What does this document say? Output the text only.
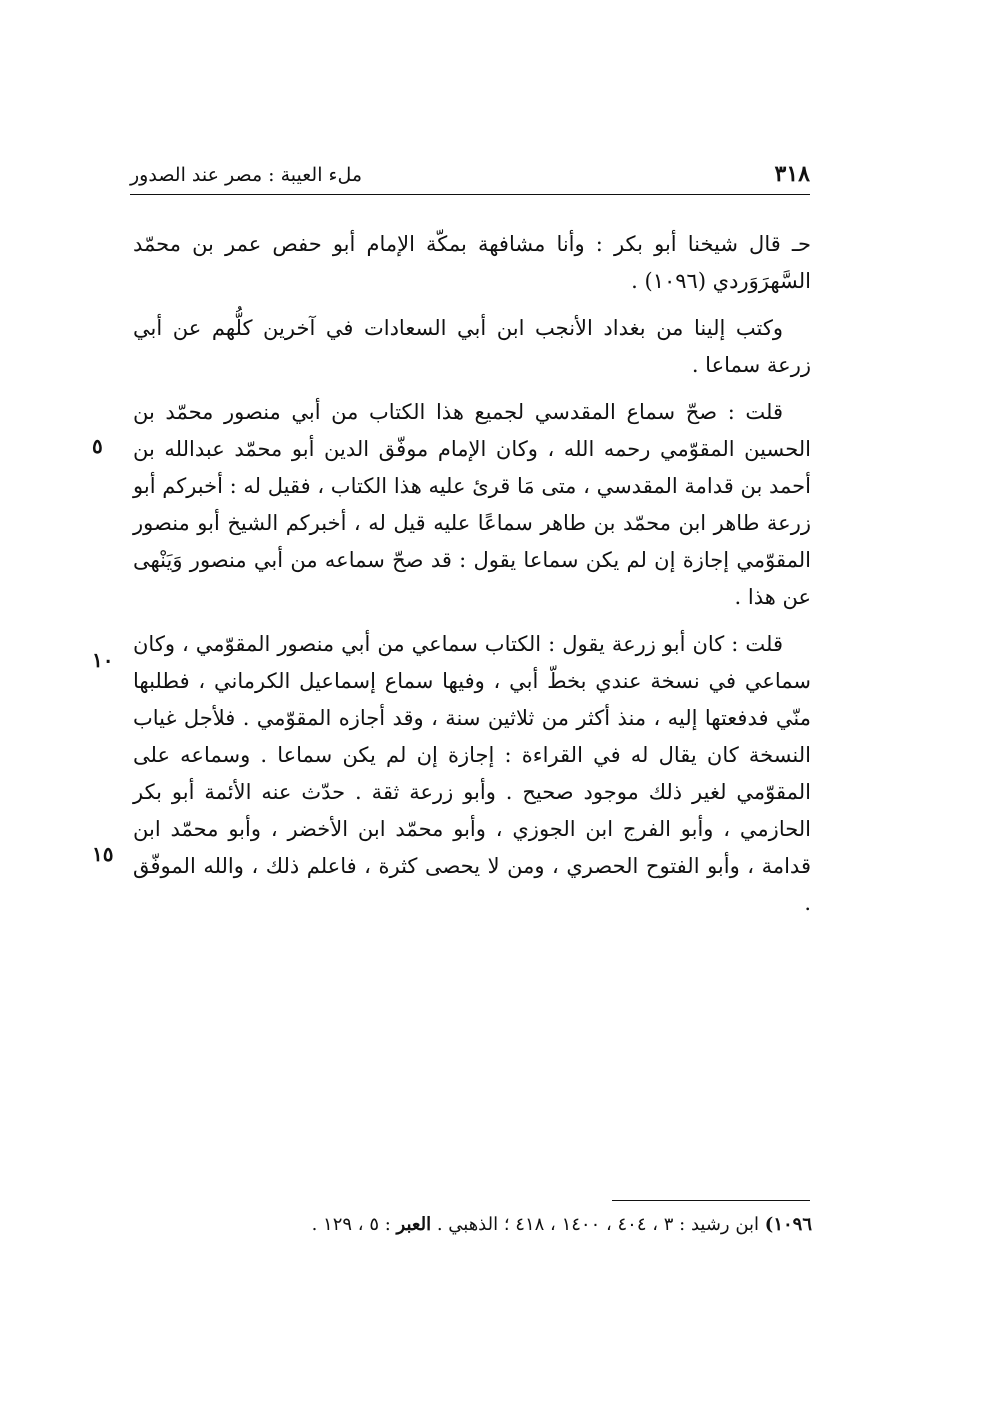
٣١٨
ملء العيبة : مصر عند الصدور

حـ قال شيخنا أبو بكر : وأنا مشافهة بمكّة الإمام أبو حفص عمر بن محمّد السَّهرَوَردي (١٠٩٦) .

وكتب إلينا من بغداد الأنجب ابن أبي السعادات في آخرين كلُّهم عن أبي زرعة سماعا .

قلت : صحّ سماع المقدسي لجميع هذا الكتاب من أبي منصور محمّد بن الحسين المقوّمي رحمه الله ، وكان الإمام موفّق الدين أبو محمّد عبدالله بن أحمد بن قدامة المقدسي ، متى مَا قرئ عليه هذا الكتاب ، فقيل له : أخبركم أبو زرعة طاهر ابن محمّد بن طاهر سماعًا عليه قيل له ، أخبركم الشيخ أبو منصور المقوّمي إجازة إن لم يكن سماعا يقول : قد صحّ سماعه من أبي منصور وَيَنْهى عن هذا .

قلت : كان أبو زرعة يقول : الكتاب سماعي من أبي منصور المقوّمي ، وكان سماعي في نسخة عندي بخطّ أبي ، وفيها سماع إسماعيل الكرماني ، فطلبها منّي فدفعتها إليه ، منذ أكثر من ثلاثين سنة ، وقد أجازه المقوّمي . فلأجل غياب النسخة كان يقال له في القراءة : إجازة إن لم يكن سماعا . وسماعه على المقوّمي لغير ذلك موجود صحيح . وأبو زرعة ثقة . حدّث عنه الأئمة أبو بكر الحازمي ، وأبو الفرج ابن الجوزي ، وأبو محمّد ابن الأخضر ، وأبو محمّد ابن قدامة ، وأبو الفتوح الحصري ، ومن لا يحصى كثرة ، فاعلم ذلك ، والله الموفّق .

٥
١٠
١٥
١٠٩٦) ابن رشيد : ٣ ، ٤٠٤ ، ١٤٠٠ ، ٤١٨ ؛ الذهبي . العبر : ٥ ، ١٢٩ .
